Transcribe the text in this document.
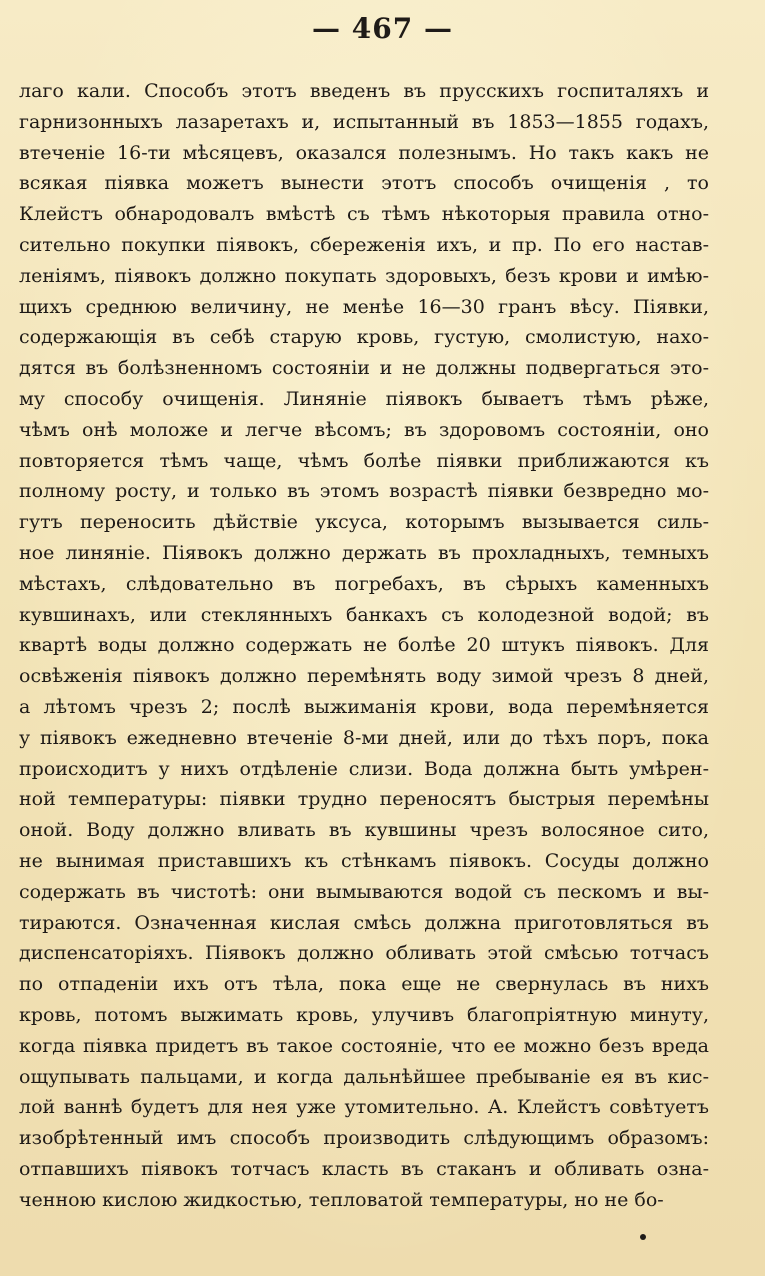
— 467 —
лаго кали. Способъ этотъ введенъ въ прусскихъ госпиталяхъ и
гарнизонныхъ лазаретахъ и, испытанный въ 1853—1855 годахъ,
втеченіе 16-ти мѣсяцевъ, оказался полезнымъ. Но такъ какъ не
всякая піявка можетъ вынести этотъ способъ очищенія , то
Клейстъ обнародовалъ вмѣстѣ съ тѣмъ нѣкоторыя правила отно-
сительно покупки піявокъ, сбереженія ихъ, и пр. По его настав-
леніямъ, піявокъ должно покупать здоровыхъ, безъ крови и имѣю-
щихъ среднюю величину, не менѣе 16—30 гранъ вѣсу. Піявки,
содержающія въ себѣ старую кровь, густую, смолистую, нахо-
дятся въ болѣзненномъ состояніи и не должны подвергаться это-
му способу очищенія. Линяніе піявокъ бываетъ тѣмъ рѣже,
чѣмъ онѣ моложе и легче вѣсомъ; въ здоровомъ состояніи, оно
повторяется тѣмъ чаще, чѣмъ болѣе піявки приближаются къ
полному росту, и только въ этомъ возрастѣ піявки безвредно мо-
гутъ переносить дѣйствіе уксуса, которымъ вызывается силь-
ное линяніе. Піявокъ должно держать въ прохладныхъ, темныхъ
мѣстахъ, слѣдовательно въ погребахъ, въ сѣрыхъ каменныхъ
кувшинахъ, или стеклянныхъ банкахъ съ колодезной водой; въ
квартѣ воды должно содержать не болѣе 20 штукъ піявокъ. Для
освѣженія піявокъ должно перемѣнять воду зимой чрезъ 8 дней,
а лѣтомъ чрезъ 2; послѣ выжиманія крови, вода перемѣняется
у піявокъ ежедневно втеченіе 8-ми дней, или до тѣхъ поръ, пока
происходитъ у нихъ отдѣленіе слизи. Вода должна быть умѣрен-
ной температуры: піявки трудно переносятъ быстрыя перемѣны
оной. Воду должно вливать въ кувшины чрезъ волосяное сито,
не вынимая приставшихъ къ стѣнкамъ піявокъ. Сосуды должно
содержать въ чистотѣ: они вымываются водой съ пескомъ и вы-
тираются. Означенная кислая смѣсь должна приготовляться въ
диспенсаторіяхъ. Піявокъ должно обливать этой смѣсью тотчасъ
по отпаденіи ихъ отъ тѣла, пока еще не свернулась въ нихъ
кровь, потомъ выжимать кровь, улучивъ благопріятную минуту,
когда піявка придетъ въ такое состояніе, что ее можно безъ вреда
ощупывать пальцами, и когда дальнѣйшее пребываніе ея въ кис-
лой ваннѣ будетъ для нея уже утомительно. А. Клейстъ совѣтуетъ
изобрѣтенный имъ способъ производить слѣдующимъ образомъ:
отпавшихъ піявокъ тотчасъ класть въ стаканъ и обливать озна-
ченною кислою жидкостью, тепловатой температуры, но не бо-
